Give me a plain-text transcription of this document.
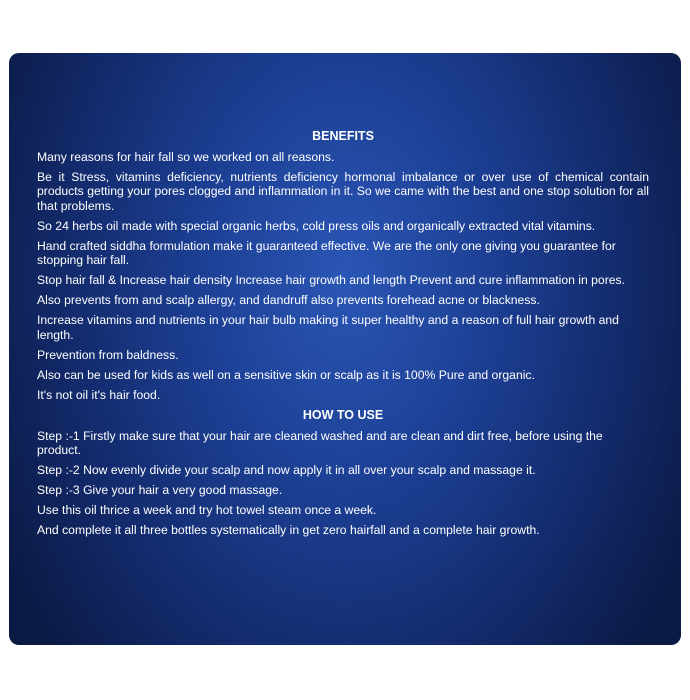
BENEFITS
Many reasons for hair fall so we worked on all reasons.
Be it Stress, vitamins deficiency, nutrients deficiency hormonal imbalance or over use of chemical contain products getting your pores clogged and inflammation in it. So we came with the best and one stop solution for all that problems.
So 24 herbs oil made with special organic herbs, cold press oils and organically extracted vital vitamins.
Hand crafted siddha formulation make it guaranteed effective. We are the only one giving you guarantee for stopping hair fall.
Stop hair fall & Increase hair density Increase hair growth and length Prevent and cure inflammation in pores.
Also prevents from and scalp allergy, and dandruff also prevents forehead acne or blackness.
Increase vitamins and nutrients in your hair bulb making it super healthy and a reason of full hair growth and length.
Prevention from baldness.
Also can be used for kids as well on a sensitive skin or scalp as it is 100% Pure and organic.
It's not oil it's hair food.
HOW TO USE
Step :-1 Firstly make sure that your hair are cleaned washed and are clean and dirt free, before using the product.
Step :-2 Now evenly divide your scalp and now apply it in all over your scalp and massage it.
Step :-3 Give your hair a very good massage.
Use this oil thrice a week and try hot towel steam once a week.
And complete it all three bottles systematically in get zero hairfall and a complete hair growth.
